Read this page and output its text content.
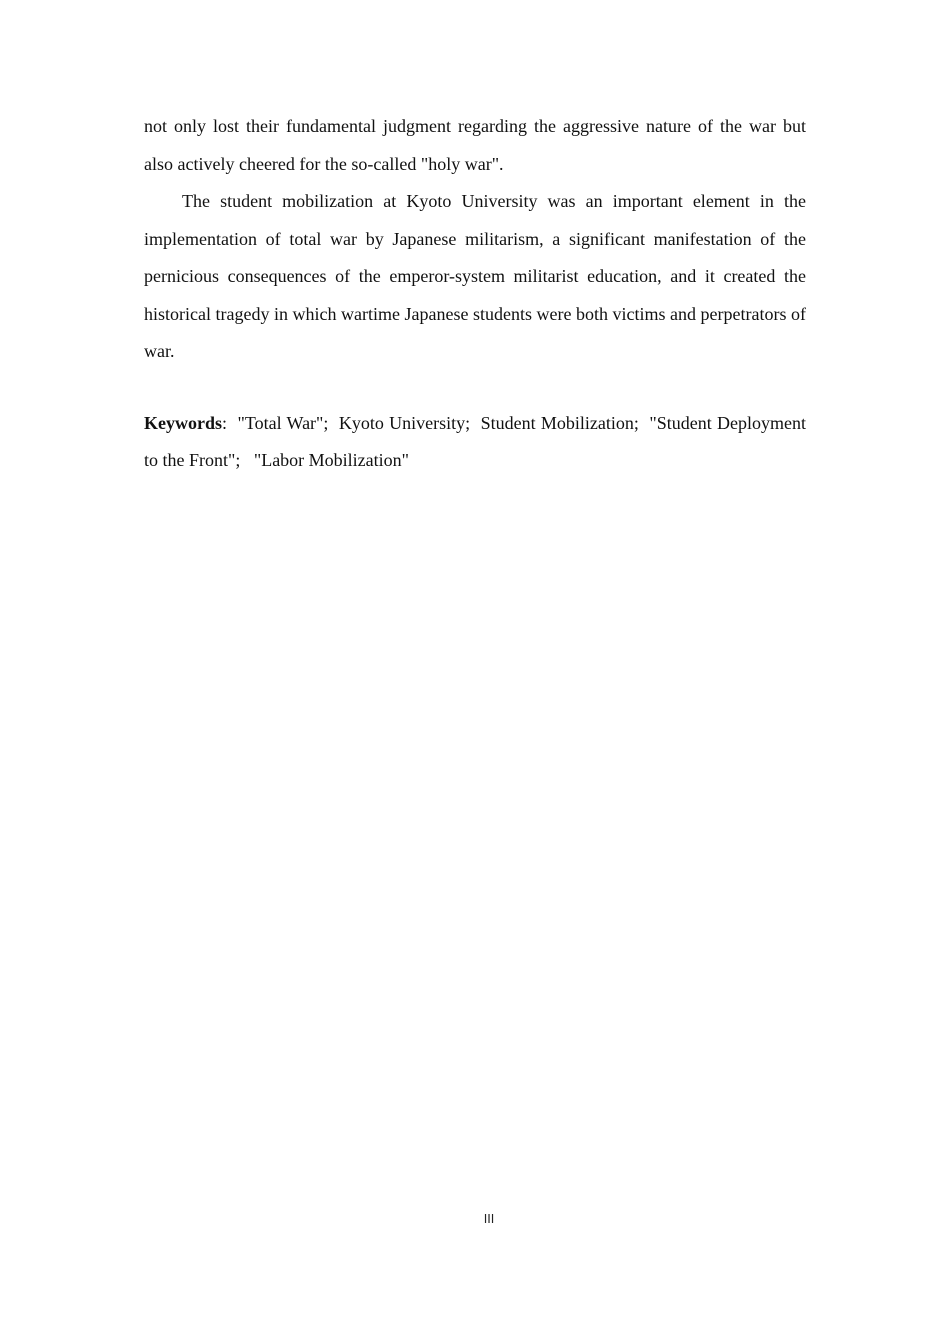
not only lost their fundamental judgment regarding the aggressive nature of the war but also actively cheered for the so-called "holy war".

The student mobilization at Kyoto University was an important element in the implementation of total war by Japanese militarism, a significant manifestation of the pernicious consequences of the emperor-system militarist education, and it created the historical tragedy in which wartime Japanese students were both victims and perpetrators of war.

Keywords:  "Total War";  Kyoto University;  Student Mobilization;  "Student Deployment to the Front";   "Labor Mobilization"

III
